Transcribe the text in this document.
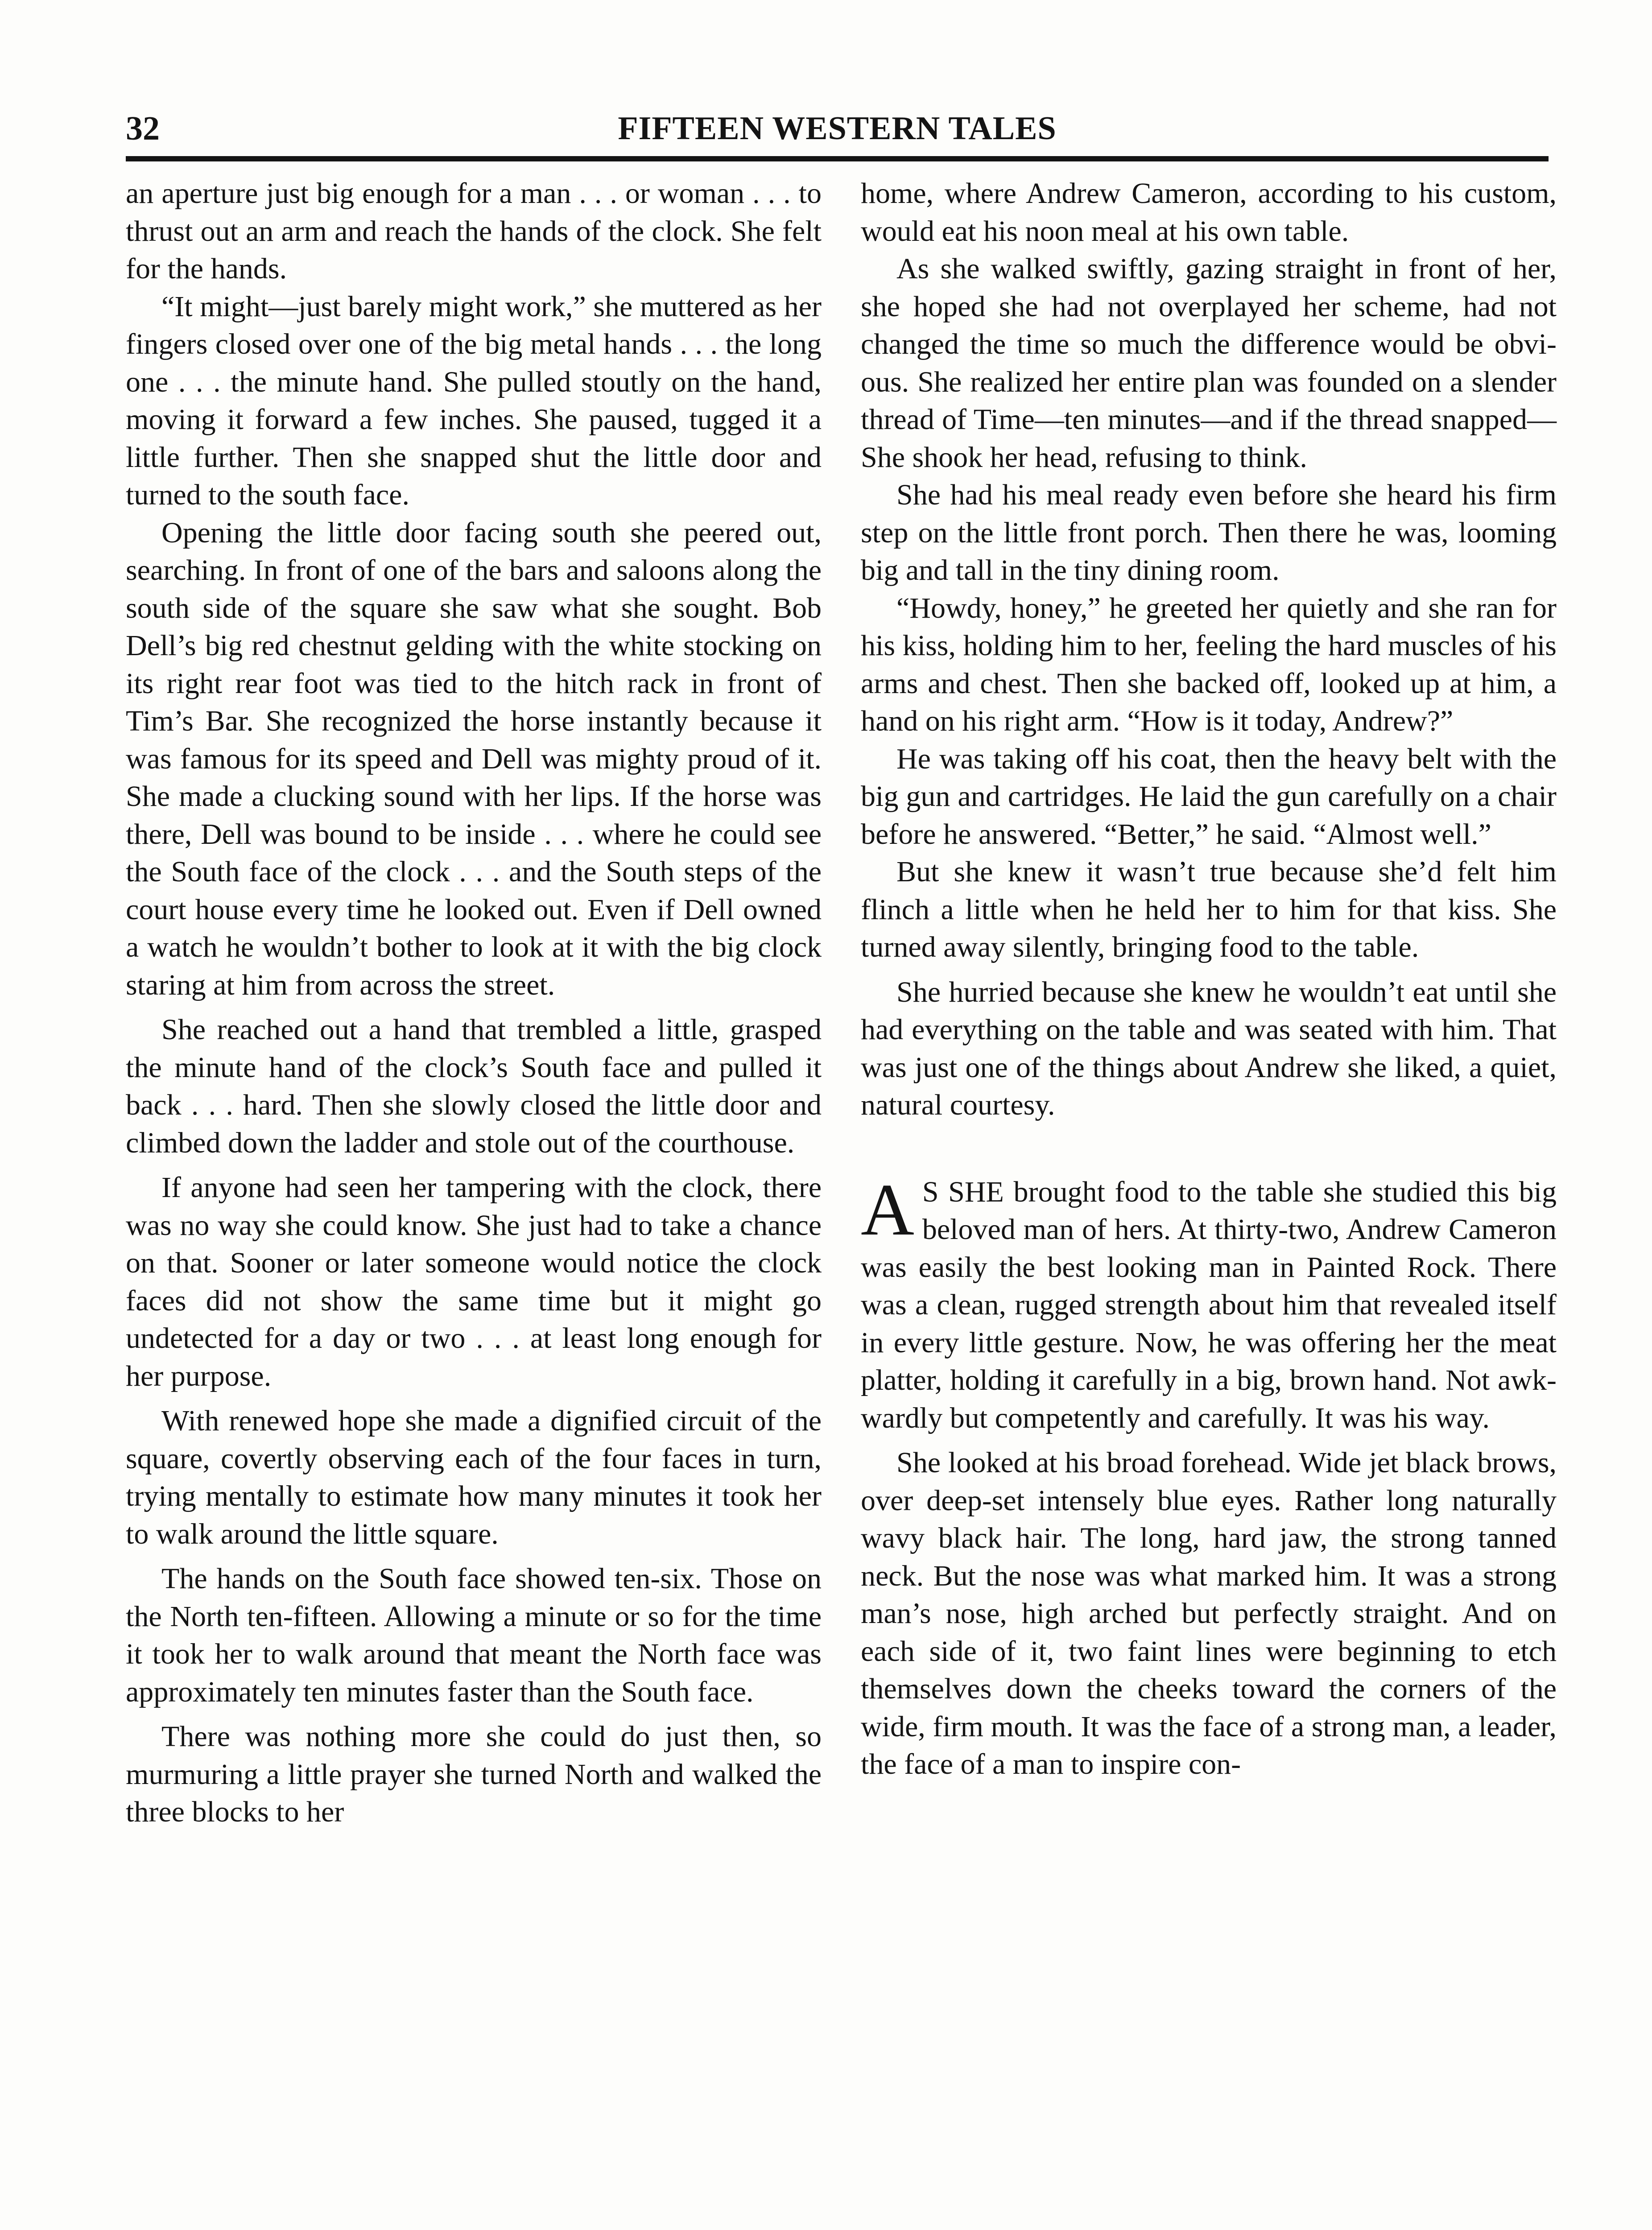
32	FIFTEEN WESTERN TALES

an aperture just big enough for a man . . . or woman . . . to thrust out an arm and reach the hands of the clock. She felt for the hands.

“It might—just barely might work,” she muttered as her fingers closed over one of the big metal hands . . . the long one . . . the minute hand. She pulled stoutly on the hand, moving it forward a few inches. She paused, tugged it a little further. Then she snapped shut the little door and turned to the south face.

Opening the little door facing south she peered out, searching. In front of one of the bars and saloons along the south side of the square she saw what she sought. Bob Dell’s big red chestnut gelding with the white stocking on its right rear foot was tied to the hitch rack in front of Tim’s Bar. She recognized the horse instantly because it was famous for its speed and Dell was mighty proud of it. She made a clucking sound with her lips. If the horse was there, Dell was bound to be inside . . . where he could see the South face of the clock . . . and the South steps of the court house every time he looked out. Even if Dell owned a watch he wouldn’t bother to look at it with the big clock staring at him from across the street.

She reached out a hand that trembled a little, grasped the minute hand of the clock’s South face and pulled it back . . . hard. Then she slowly closed the little door and climbed down the ladder and stole out of the courthouse.

If anyone had seen her tampering with the clock, there was no way she could know. She just had to take a chance on that. Sooner or later someone would notice the clock faces did not show the same time but it might go undetected for a day or two . . . at least long enough for her purpose.

With renewed hope she made a dignified circuit of the square, covertly observing each of the four faces in turn, trying mentally to estimate how many minutes it took her to walk around the little square.

The hands on the South face showed ten-six. Those on the North ten-fifteen. Allowing a minute or so for the time it took her to walk around that meant the North face was approximately ten minutes faster than the South face.

There was nothing more she could do just then, so murmuring a little prayer she turned North and walked the three blocks to her

home, where Andrew Cameron, according to his custom, would eat his noon meal at his own table.

As she walked swiftly, gazing straight in front of her, she hoped she had not overplayed her scheme, had not changed the time so much the difference would be obvious. She realized her entire plan was founded on a slender thread of Time—ten minutes—and if the thread snapped— She shook her head, refusing to think.

She had his meal ready even before she heard his firm step on the little front porch. Then there he was, looming big and tall in the tiny dining room.

“Howdy, honey,” he greeted her quietly and she ran for his kiss, holding him to her, feeling the hard muscles of his arms and chest. Then she backed off, looked up at him, a hand on his right arm. “How is it today, Andrew?”

He was taking off his coat, then the heavy belt with the big gun and cartridges. He laid the gun carefully on a chair before he answered. “Better,” he said. “Almost well.”

But she knew it wasn’t true because she’d felt him flinch a little when he held her to him for that kiss. She turned away silently, bringing food to the table.

She hurried because she knew he wouldn’t eat until she had everything on the table and was seated with him. That was just one of the things about Andrew she liked, a quiet, natural courtesy.

AS SHE brought food to the table she studied this big beloved man of hers. At thirty-two, Andrew Cameron was easily the best looking man in Painted Rock. There was a clean, rugged strength about him that revealed itself in every little gesture. Now, he was offering her the meat platter, holding it carefully in a big, brown hand. Not awkwardly but competently and carefully. It was his way.

She looked at his broad forehead. Wide jet black brows, over deep-set intensely blue eyes. Rather long naturally wavy black hair. The long, hard jaw, the strong tanned neck. But the nose was what marked him. It was a strong man’s nose, high arched but perfectly straight. And on each side of it, two faint lines were beginning to etch themselves down the cheeks toward the corners of the wide, firm mouth. It was the face of a strong man, a leader, the face of a man to inspire con-
